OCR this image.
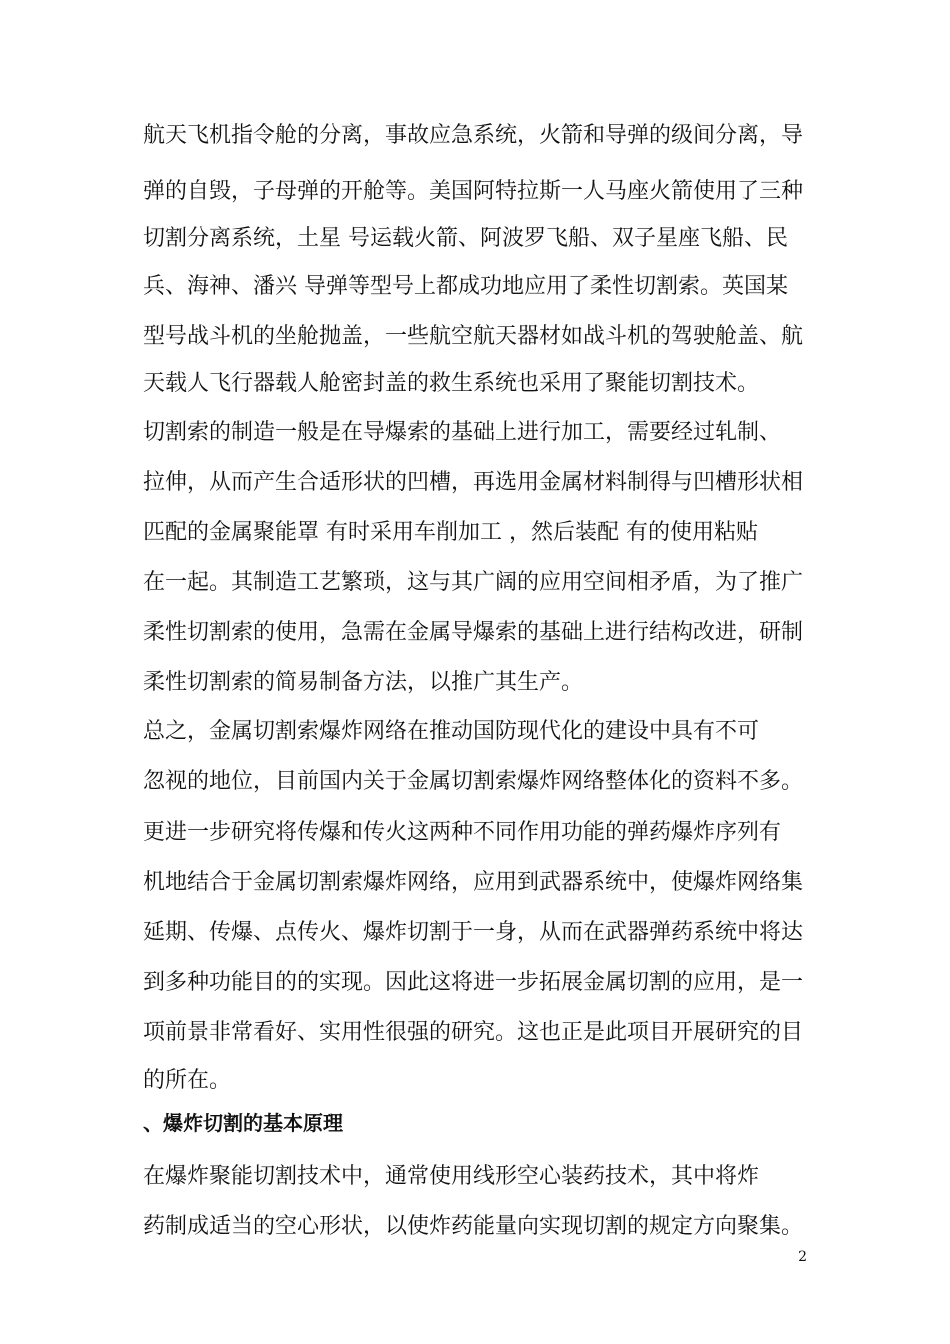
航天飞机指令舱的分离，事故应急系统，火箭和导弹的级间分离，导
弹的自毁，子母弹的开舱等。美国阿特拉斯一人马座火箭使用了三种
切割分离系统，土星 号运载火箭、阿波罗飞船、双子星座飞船、民
兵、海神、潘兴 导弹等型号上都成功地应用了柔性切割索。英国某
型号战斗机的坐舱抛盖，一些航空航天器材如战斗机的驾驶舱盖、航
天载人飞行器载人舱密封盖的救生系统也采用了聚能切割技术。
切割索的制造一般是在导爆索的基础上进行加工，需要经过轧制、
拉伸，从而产生合适形状的凹槽，再选用金属材料制得与凹槽形状相
匹配的金属聚能罩 有时采用车削加工 ，然后装配 有的使用粘贴
在一起。其制造工艺繁琐，这与其广阔的应用空间相矛盾，为了推广
柔性切割索的使用，急需在金属导爆索的基础上进行结构改进，研制
柔性切割索的简易制备方法，以推广其生产。
总之，金属切割索爆炸网络在推动国防现代化的建设中具有不可
忽视的地位，目前国内关于金属切割索爆炸网络整体化的资料不多。
更进一步研究将传爆和传火这两种不同作用功能的弹药爆炸序列有
机地结合于金属切割索爆炸网络，应用到武器系统中，使爆炸网络集
延期、传爆、点传火、爆炸切割于一身，从而在武器弹药系统中将达
到多种功能目的的实现。因此这将进一步拓展金属切割的应用，是一
项前景非常看好、实用性很强的研究。这也正是此项目开展研究的目
的所在。
、爆炸切割的基本原理
在爆炸聚能切割技术中，通常使用线形空心装药技术，其中将炸
药制成适当的空心形状，以使炸药能量向实现切割的规定方向聚集。
2
